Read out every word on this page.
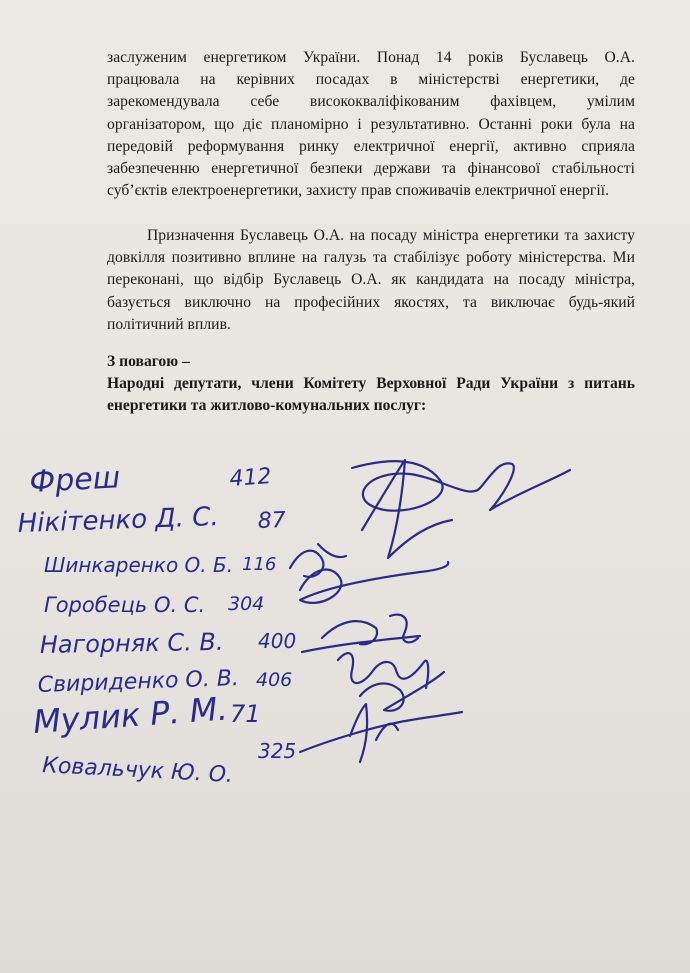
заслуженим енергетиком України. Понад 14 років Буславець О.А.
працювала на керівних посадах в міністерстві енергетики, де
зарекомендувала себе висококваліфікованим фахівцем, умілим
організатором, що діє планомірно і результативно. Останні роки була на
передовій реформування ринку електричної енергії, активно сприяла
забезпеченню енергетичної безпеки держави та фінансової стабільності
суб’єктів електроенергетики, захисту прав споживачів електричної енергії.
Призначення Буславець О.А. на посаду міністра енергетики та захисту
довкілля позитивно вплине на галузь та стабілізує роботу міністерства. Ми
переконані, що відбір Буславець О.А. як кандидата на посаду міністра,
базується виключно на професійних якостях, та виключає будь-який
політичний вплив.
З повагою –
Народні депутати, члени Комітету Верховної Ради України з питань
енергетики та житлово-комунальних послуг:
Фреш	412
Нікітенко Д. С. 87
Шинкаренко О. Б. 116
Горобець О. С. 304
Нагорняк С. В. 400
Свириденко О. В. 406
Мулик Р. М. 71
Ковальчук Ю. О.
325
